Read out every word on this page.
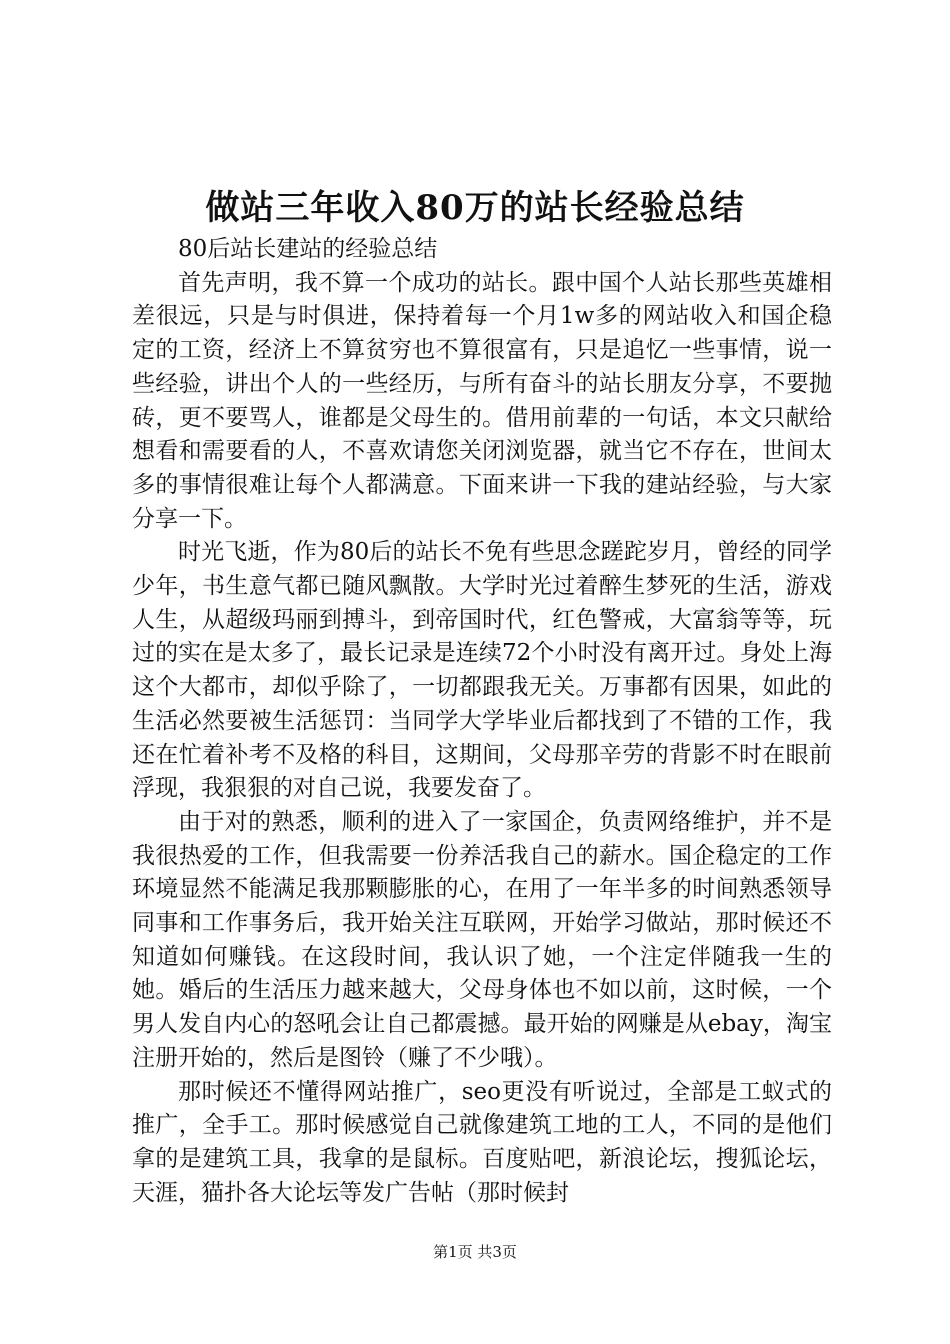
做站三年收入80万的站长经验总结

80后站长建站的经验总结

首先声明，我不算一个成功的站长。跟中国个人站长那些英雄相差很远，只是与时俱进，保持着每一个月1w多的网站收入和国企稳定的工资，经济上不算贫穷也不算很富有，只是追忆一些事情，说一些经验，讲出个人的一些经历，与所有奋斗的站长朋友分享，不要抛砖，更不要骂人，谁都是父母生的。借用前辈的一句话，本文只献给想看和需要看的人，不喜欢请您关闭浏览器，就当它不存在，世间太多的事情很难让每个人都满意。下面来讲一下我的建站经验，与大家分享一下。

时光飞逝，作为80后的站长不免有些思念蹉跎岁月，曾经的同学少年，书生意气都已随风飘散。大学时光过着醉生梦死的生活，游戏人生，从超级玛丽到搏斗，到帝国时代，红色警戒，大富翁等等，玩过的实在是太多了，最长记录是连续72个小时没有离开过。身处上海这个大都市，却似乎除了，一切都跟我无关。万事都有因果，如此的生活必然要被生活惩罚：当同学大学毕业后都找到了不错的工作，我还在忙着补考不及格的科目，这期间，父母那辛劳的背影不时在眼前浮现，我狠狠的对自己说，我要发奋了。

由于对的熟悉，顺利的进入了一家国企，负责网络维护，并不是我很热爱的工作，但我需要一份养活我自己的薪水。国企稳定的工作环境显然不能满足我那颗膨胀的心，在用了一年半多的时间熟悉领导同事和工作事务后，我开始关注互联网，开始学习做站，那时候还不知道如何赚钱。在这段时间，我认识了她，一个注定伴随我一生的她。婚后的生活压力越来越大，父母身体也不如以前，这时候，一个男人发自内心的怒吼会让自己都震撼。最开始的网赚是从ebay，淘宝注册开始的，然后是图铃（赚了不少哦）。

那时候还不懂得网站推广，seo更没有听说过，全部是工蚁式的推广，全手工。那时候感觉自己就像建筑工地的工人，不同的是他们拿的是建筑工具，我拿的是鼠标。百度贴吧，新浪论坛，搜狐论坛，天涯，猫扑各大论坛等发广告帖（那时候封

第1页 共3页
